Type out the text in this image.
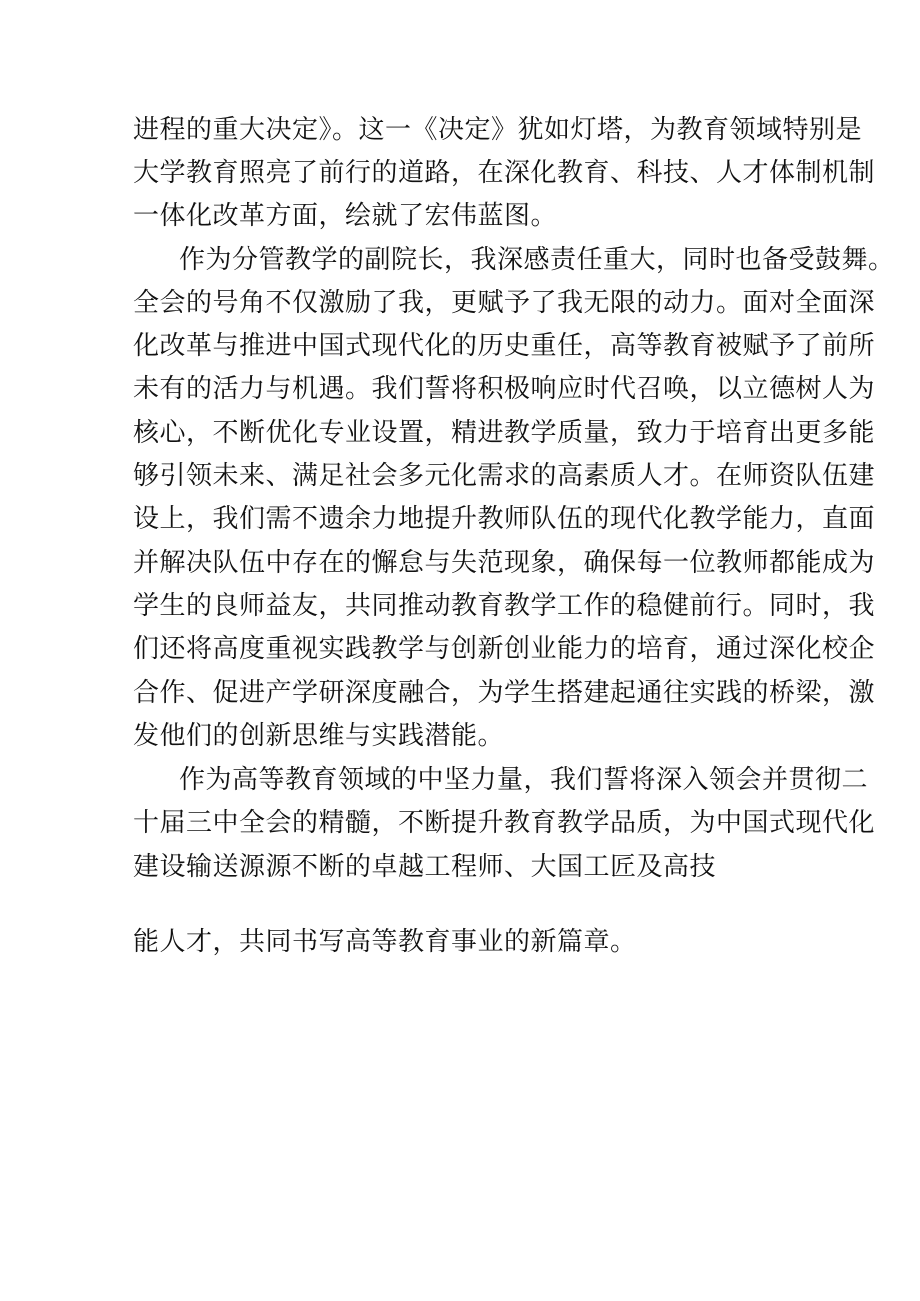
进程的重大决定》。这一《决定》犹如灯塔，为教育领域特别是
大学教育照亮了前行的道路，在深化教育、科技、人才体制机制
一体化改革方面，绘就了宏伟蓝图。
作为分管教学的副院长，我深感责任重大，同时也备受鼓舞。
全会的号角不仅激励了我，更赋予了我无限的动力。面对全面深
化改革与推进中国式现代化的历史重任，高等教育被赋予了前所
未有的活力与机遇。我们誓将积极响应时代召唤，以立德树人为
核心，不断优化专业设置，精进教学质量，致力于培育出更多能
够引领未来、满足社会多元化需求的高素质人才。在师资队伍建
设上，我们需不遗余力地提升教师队伍的现代化教学能力，直面
并解决队伍中存在的懈怠与失范现象，确保每一位教师都能成为
学生的良师益友，共同推动教育教学工作的稳健前行。同时，我
们还将高度重视实践教学与创新创业能力的培育，通过深化校企
合作、促进产学研深度融合，为学生搭建起通往实践的桥梁，激
发他们的创新思维与实践潜能。
作为高等教育领域的中坚力量，我们誓将深入领会并贯彻二
十届三中全会的精髓，不断提升教育教学品质，为中国式现代化
建设输送源源不断的卓越工程师、大国工匠及高技
能人才，共同书写高等教育事业的新篇章。
